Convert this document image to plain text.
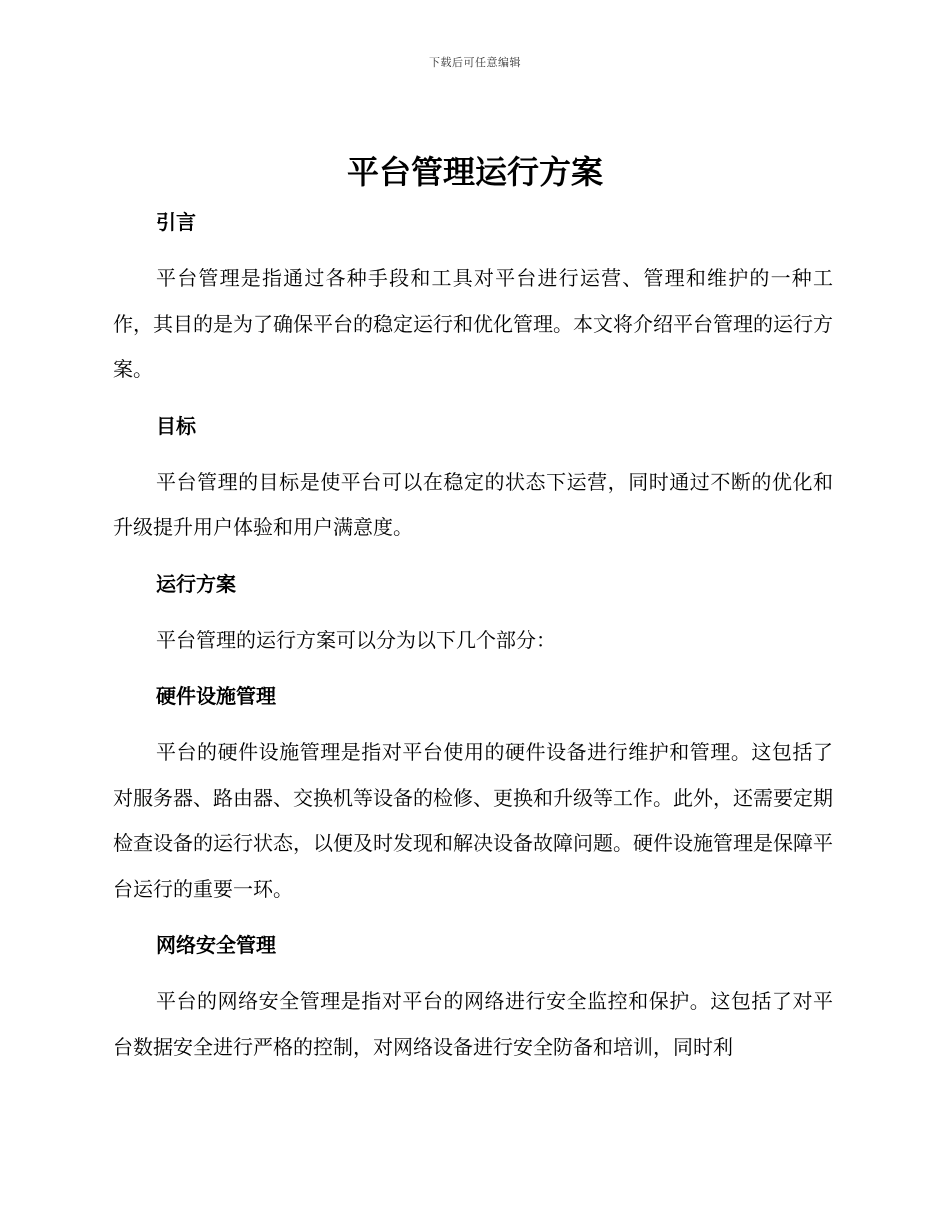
下载后可任意编辑
平台管理运行方案
引言

平台管理是指通过各种手段和工具对平台进行运营、管理和维护的一种工作，其目的是为了确保平台的稳定运行和优化管理。本文将介绍平台管理的运行方案。

目标

平台管理的目标是使平台可以在稳定的状态下运营，同时通过不断的优化和升级提升用户体验和用户满意度。

运行方案

平台管理的运行方案可以分为以下几个部分：

硬件设施管理

平台的硬件设施管理是指对平台使用的硬件设备进行维护和管理。这包括了对服务器、路由器、交换机等设备的检修、更换和升级等工作。此外，还需要定期检查设备的运行状态，以便及时发现和解决设备故障问题。硬件设施管理是保障平台运行的重要一环。

网络安全管理

平台的网络安全管理是指对平台的网络进行安全监控和保护。这包括了对平台数据安全进行严格的控制，对网络设备进行安全防备和培训，同时利
